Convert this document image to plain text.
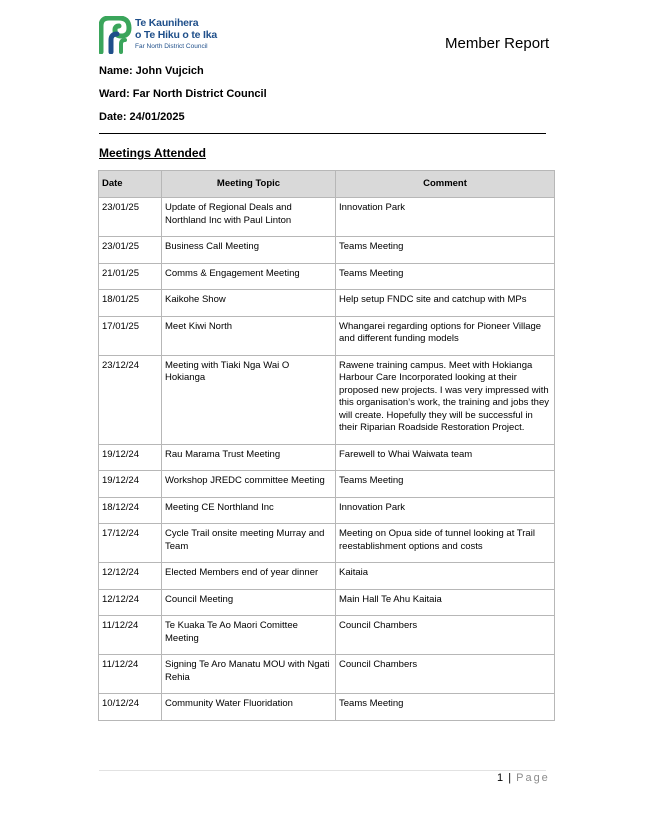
Te Kaunihera
o Te Hiku o te Ika
Far North District Council	Member Report
Name: John Vujcich
Ward: Far North District Council
Date: 24/01/2025
Meetings Attended
Date	Meeting Topic	Comment
23/01/25	Update of Regional Deals and Northland Inc with Paul Linton	Innovation Park
23/01/25	Business Call Meeting	Teams Meeting
21/01/25	Comms & Engagement Meeting	Teams Meeting
18/01/25	Kaikohe Show	Help setup FNDC site and catchup with MPs
17/01/25	Meet Kiwi North	Whangarei regarding options for Pioneer Village and different funding models
23/12/24	Meeting with Tiaki Nga Wai O Hokianga	Rawene training campus. Meet with Hokianga Harbour Care Incorporated looking at their proposed new projects. I was very impressed with this organisation’s work, the training and jobs they will create. Hopefully they will be successful in their Riparian Roadside Restoration Project.
19/12/24	Rau Marama Trust Meeting	Farewell to Whai Waiwata team
19/12/24	Workshop JREDC committee Meeting	Teams Meeting
18/12/24	Meeting CE Northland Inc	Innovation Park
17/12/24	Cycle Trail onsite meeting Murray and Team	Meeting on Opua side of tunnel looking at Trail reestablishment options and costs
12/12/24	Elected Members end of year dinner	Kaitaia
12/12/24	Council Meeting	Main Hall Te Ahu Kaitaia
11/12/24	Te Kuaka Te Ao Maori Comittee Meeting	Council Chambers
11/12/24	Signing Te Aro Manatu MOU with Ngati Rehia	Council Chambers
10/12/24	Community Water Fluoridation	Teams Meeting
1 | Page
